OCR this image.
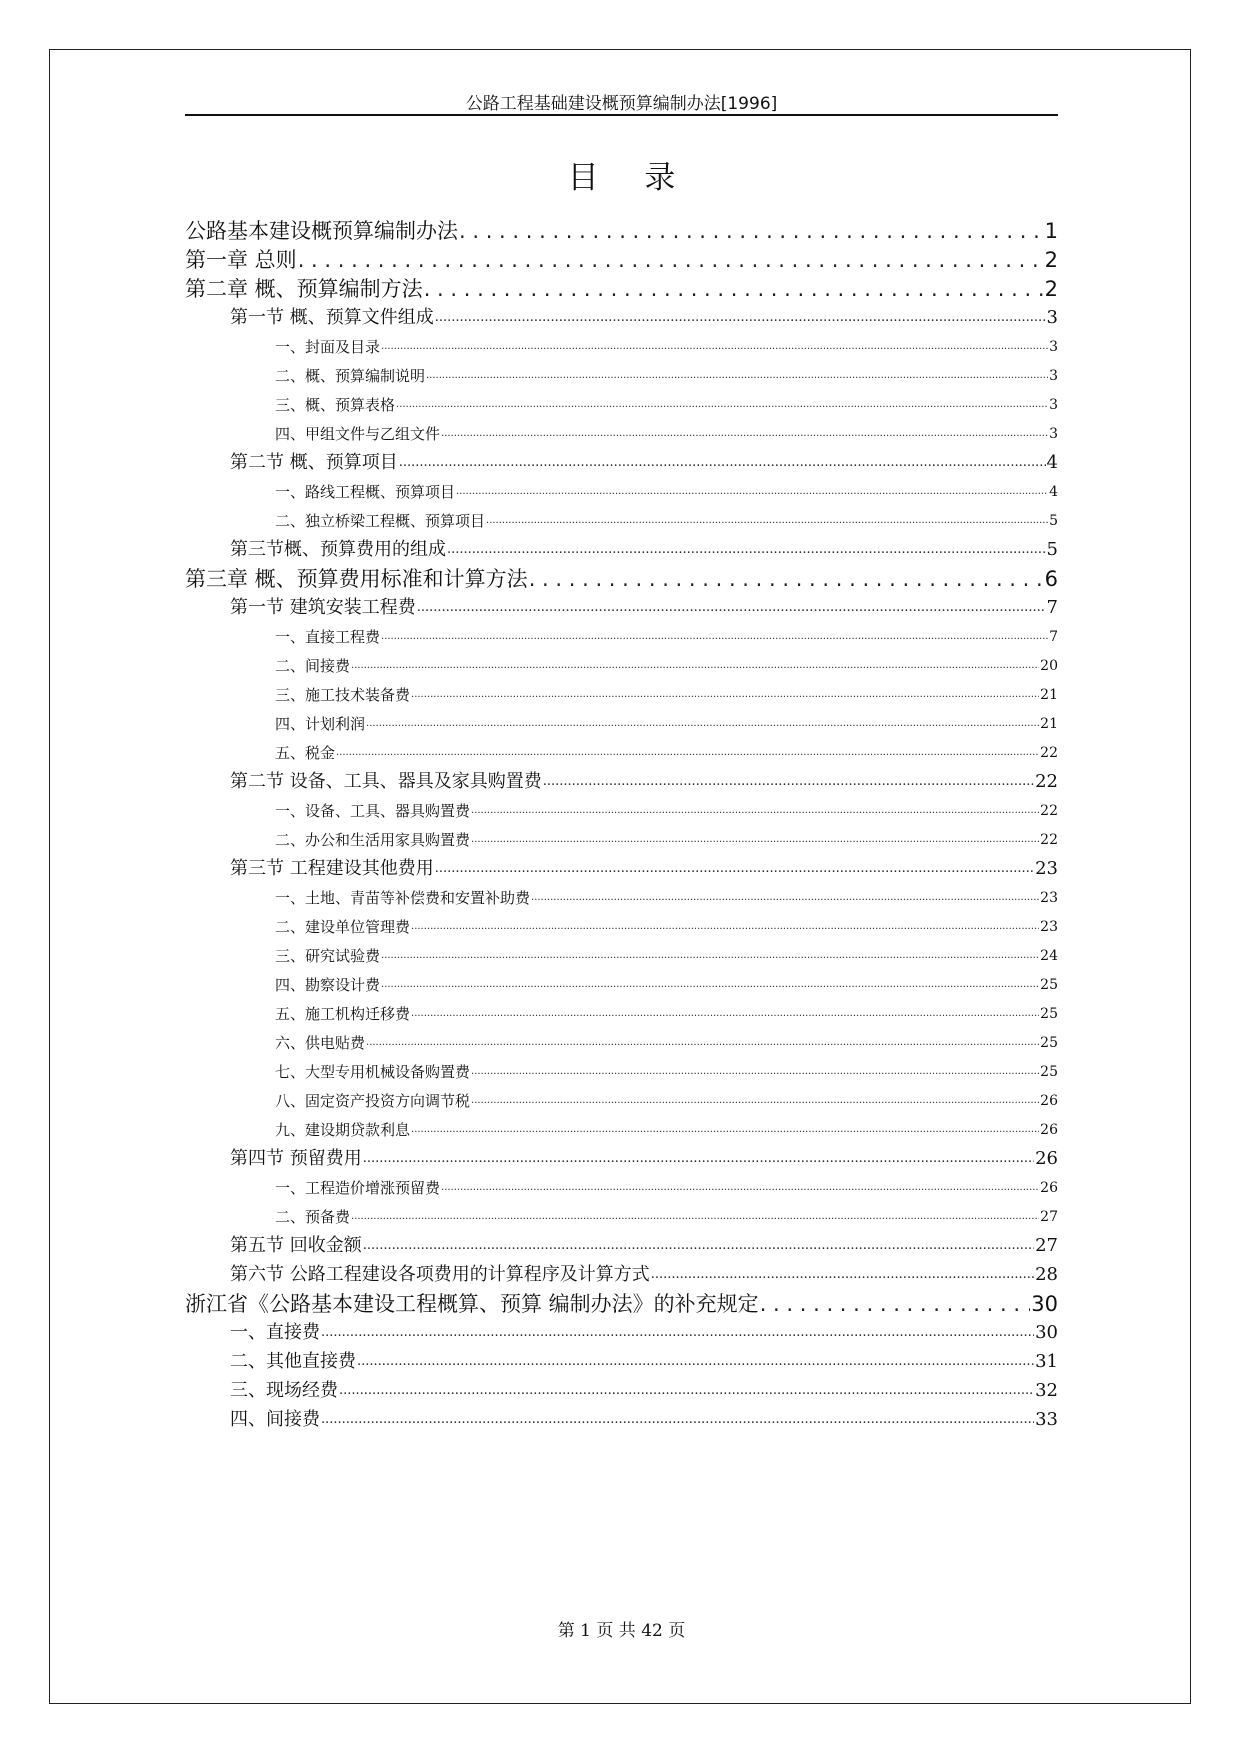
公路工程基础建设概预算编制办法[1996]
目 录
公路基本建设概预算编制办法 . . .	1
第一章 总则 . . .	2
第二章 概、预算编制方法 . . .	2
第一节 概、预算文件组成 .....	3
一、封面及目录 .....	3
二、概、预算编制说明 .....	3
三、概、预算表格 .....	3
四、甲组文件与乙组文件 .....	3
第二节 概、预算项目 .....	4
一、路线工程概、预算项目 .....	4
二、独立桥梁工程概、预算项目 .....	5
第三节概、预算费用的组成 .....	5
第三章 概、预算费用标准和计算方法 . . .	6
第一节 建筑安装工程费 .....	7
一、直接工程费 .....	7
二、间接费 .....	20
三、施工技术装备费 .....	21
四、计划利润 .....	21
五、税金 .....	22
第二节 设备、工具、器具及家具购置费 .....	22
一、设备、工具、器具购置费 .....	22
二、办公和生活用家具购置费 .....	22
第三节 工程建设其他费用 .....	23
一、土地、青苗等补偿费和安置补助费 .....	23
二、建设单位管理费 .....	23
三、研究试验费 .....	24
四、勘察设计费 .....	25
五、施工机构迁移费 .....	25
六、供电贴费 .....	25
七、大型专用机械设备购置费 .....	25
八、固定资产投资方向调节税 .....	26
九、建设期贷款利息 .....	26
第四节 预留费用 .....	26
一、工程造价增涨预留费 .....	26
二、预备费 .....	27
第五节 回收金额 .....	27
第六节 公路工程建设各项费用的计算程序及计算方式 .....	28
浙江省《公路基本建设工程概算、预算 编制办法》的补充规定 . . .	30
一、直接费 .....	30
二、其他直接费 .....	31
三、现场经费 .....	32
四、间接费 .....	33
第 1 页 共 42 页
